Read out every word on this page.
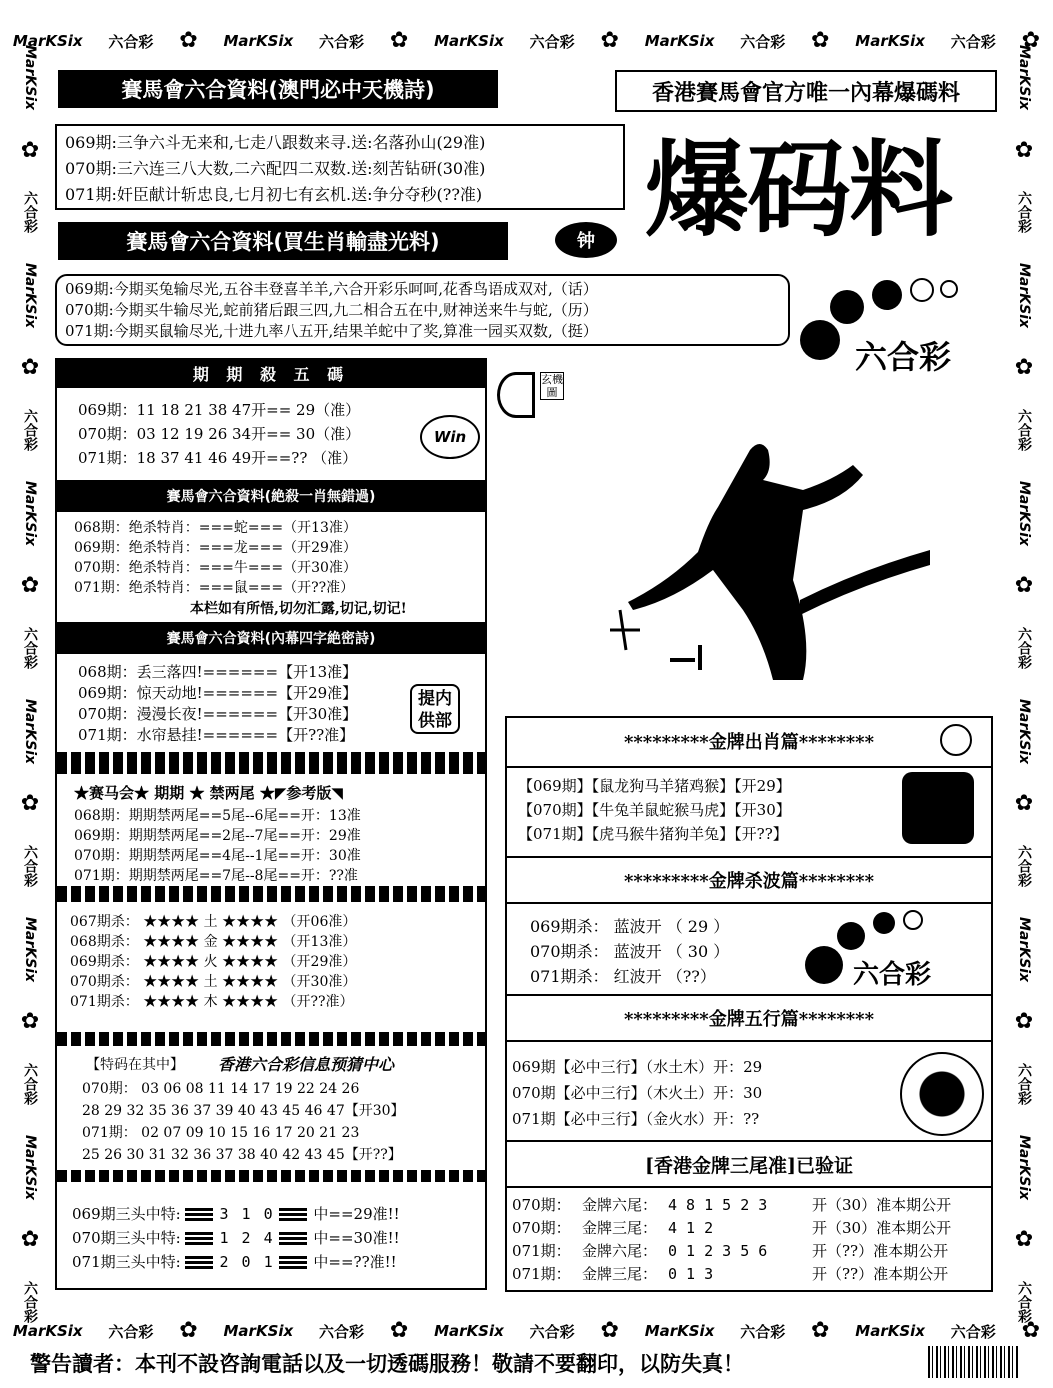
MarKSix 六合彩 ✿ MarKSix 六合彩 ✿ MarKSix 六合彩 ✿ MarKSix 六合彩 ✿ MarKSix 六合彩 ✿
MarKSix 六合彩 ✿ MarKSix 六合彩 ✿ MarKSix 六合彩 ✿ MarKSix 六合彩 ✿ MarKSix 六合彩 ✿
MarKSix
✿
六合彩
MarKSix
✿
六合彩
MarKSix
✿
六合彩
MarKSix
✿
六合彩
MarKSix
✿
六合彩
MarKSix
✿
六合彩
MarKSix
✿
六合彩
MarKSix
✿
六合彩
MarKSix
✿
六合彩
MarKSix
✿
六合彩
MarKSix
✿
六合彩
MarKSix
✿
六合彩
賽馬會六合資料(澳門必中天機詩)	香港賽馬會官方唯一內幕爆碼料
069期:三争六斗无来和,七走八跟数来寻.送:名落孙山(29准)
070期:三六连三八大数,二六配四二双数.送:刻苦钻研(30准)
071期:奸臣献计斩忠良,七月初七有玄机.送:争分夺秒(??准)	爆码料
賽馬會六合資料(買生肖輸盡光料)	钟
069期:今期买兔输尽光,五谷丰登喜羊羊,六合开彩乐呵呵,花香鸟语成双对,（话）
070期:今期买牛输尽光,蛇前猪后跟三四,九二相合五在中,财神送来牛与蛇,（历）
071期:今期买鼠输尽光,十进九率八五开,结果羊蛇中了奖,算准一园买双数,（挺）
六合彩
期 期 殺 五 碼
069期：11 18 21 38 47开== 29（准）
070期：03 12 19 26 34开== 30（准）
071期：18 37 41 46 49开==?? （准）
Win
賽馬會六合資料(絶殺一肖無錯過)
068期：绝杀特肖：===蛇===（开13准）
069期：绝杀特肖：===龙===（开29准）
070期：绝杀特肖：===牛===（开30准）
071期：绝杀特肖：===鼠===（开??准）
本栏如有所悟,切勿汇露,切记,切记!
賽馬會六合資料(內幕四字絶密詩)
068期：丢三落四!======【开13准】
069期：惊天动地!======【开29准】
070期：漫漫长夜!======【开30准】
071期：水帘悬挂!======【开??准】
提内供部
★赛马会★ 期期 ★ 禁两尾 ★◤参考版◥
068期：期期禁两尾==5尾--6尾==开：13准
069期：期期禁两尾==2尾--7尾==开：29准
070期：期期禁两尾==4尾--1尾==开：30准
071期：期期禁两尾==7尾--8尾==开：??准
067期杀： ★★★★ 土 ★★★★ （开06准）
068期杀： ★★★★ 金 ★★★★ （开13准）
069期杀： ★★★★ 火 ★★★★ （开29准）
070期杀： ★★★★ 土 ★★★★ （开30准）
071期杀： ★★★★ 木 ★★★★ （开??准）
【特码在其中】 香港六合彩信息预猜中心
070期： 03 06 08 11 14 17 19 22 24 26
28 29 32 35 36 37 39 40 43 45 46 47【开30】
071期： 02 07 09 10 15 16 17 20 21 23
25 26 30 31 32 36 37 38 40 42 43 45【开??】
069期三头中特:	3 1 0	中==29准!!
070期三头中特:	1 2 4	中==30准!!
071期三头中特:	2 0 1	中==??准!!
玄機圖
*********金牌出肖篇********
【069期】【鼠龙狗马羊猪鸡猴】【开29】
【070期】【牛兔羊鼠蛇猴马虎】【开30】
【071期】【虎马猴牛猪狗羊兔】【开??】
*********金牌杀波篇********
069期杀： 蓝波开 （ 29 ）
070期杀： 蓝波开 （ 30 ）
071期杀： 红波开 （??）	六合彩
*********金牌五行篇********
069期【必中三行】（水土木）开：29
070期【必中三行】（木火土）开：30
071期【必中三行】（金火水）开：??
[香港金牌三尾准]已验证
070期： 金牌六尾： 4 8 1 5 2 3	开（30）准本期公开
070期： 金牌三尾： 4 1 2	开（30）准本期公开
071期： 金牌六尾： 0 1 2 3 5 6	开（??）准本期公开
071期： 金牌三尾： 0 1 3	开（??）准本期公开
警告讀者：本刊不設咨詢電話以及一切透碼服務！敬請不要翻印，以防失真！
